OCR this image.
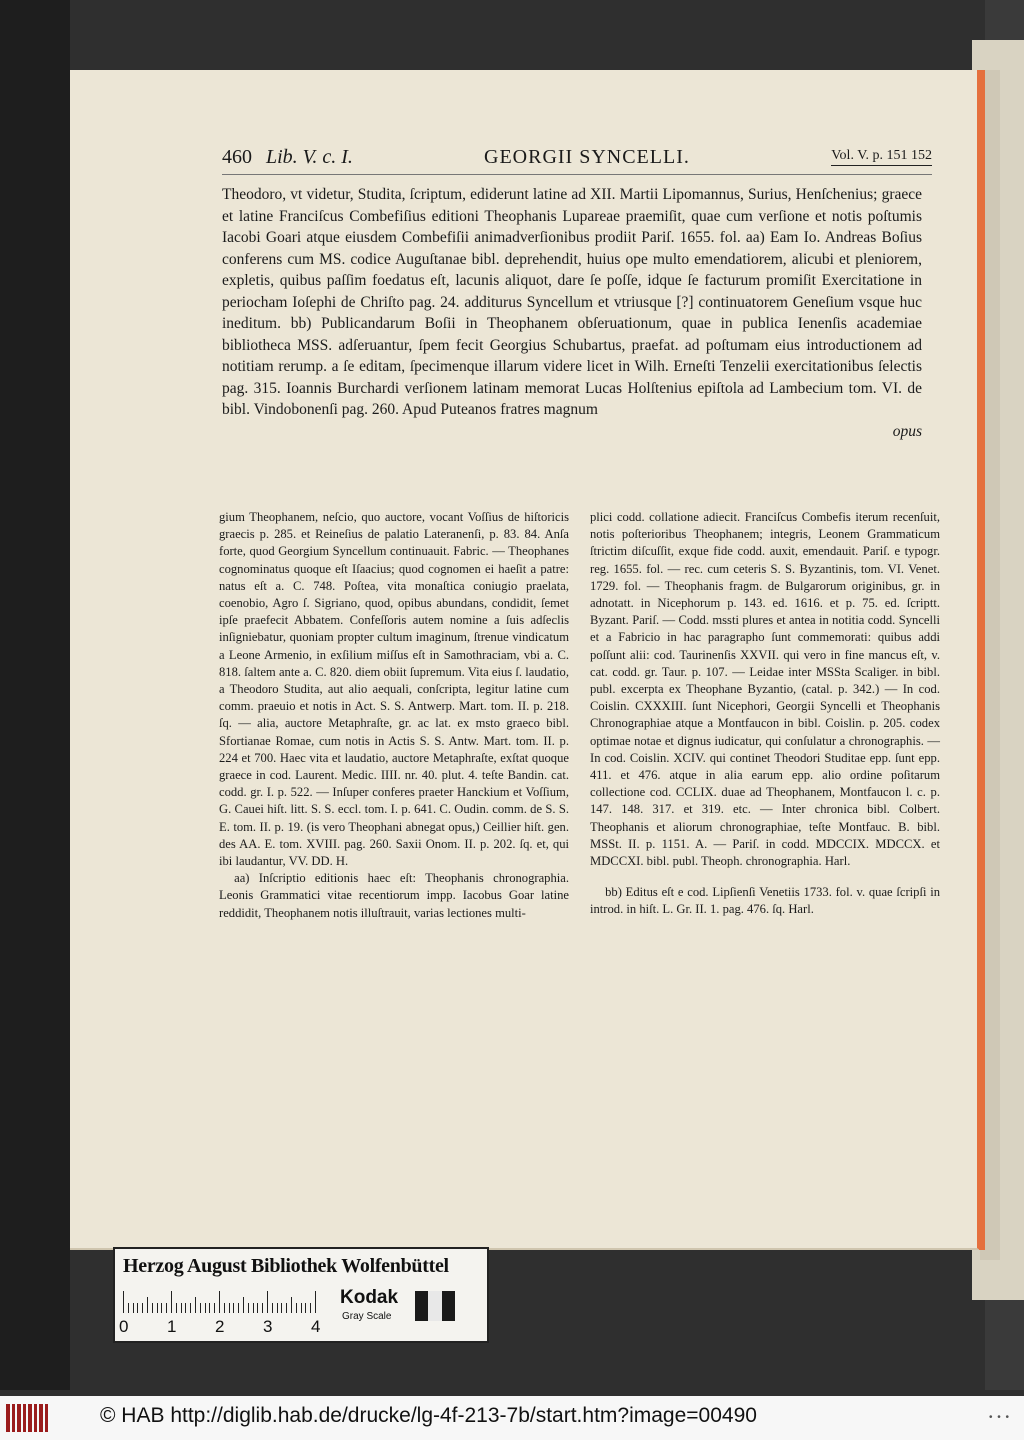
460 Lib. V. c. I.	GEORGII SYNCELLI.	Vol. V. p. 151 152
Theodoro, vt videtur, Studita, ſcriptum, ediderunt latine ad XII. Martii Lipomannus, Surius, Henſchenius; graece et latine Franciſcus Combefiſius editioni Theophanis Lupareae praemiſit, quae cum verſione et notis poſtumis Iacobi Goari atque eiusdem Combefiſii animadverſionibus prodiit Pariſ. 1655. fol. aa) Eam Io. Andreas Boſius conferens cum MS. codice Auguſtanae bibl. deprehendit, huius ope multo emendatiorem, alicubi et pleniorem, expletis, quibus paſſim foedatus eſt, lacunis aliquot, dare ſe poſſe, idque ſe facturum promiſit Exercitatione in periocham Ioſephi de Chriſto pag. 24. additurus Syncellum et vtriusque [?] continuatorem Geneſium vsque huc ineditum. bb) Publicandarum Boſii in Theophanem obſeruationum, quae in publica Ienenſis academiae bibliotheca MSS. adſeruantur, ſpem fecit Georgius Schubartus, praefat. ad poſtumam eius introductionem ad notitiam rerump. a ſe editam, ſpecimenque illarum videre licet in Wilh. Erneſti Tenzelii exercitationibus ſelectis pag. 315. Ioannis Burchardi verſionem latinam memorat Lucas Holſtenius epiſtola ad Lambecium tom. VI. de bibl. Vindobonenſi pag. 260. Apud Puteanos fratres magnum
opus

gium Theophanem, neſcio, quo auctore, vocant Voſſius de hiſtoricis graecis p. 285. et Reineſius de palatio Lateranenſi, p. 83. 84. Anſa forte, quod Georgium Syncellum continuauit. Fabric. — Theophanes cognominatus quoque eſt Iſaacius; quod cognomen ei haeſit a patre: natus eſt a. C. 748. Poſtea, vita monaſtica coniugio praelata, coenobio, Agro ſ. Sigriano, quod, opibus abundans, condidit, ſemet ipſe praefecit Abbatem. Confeſſoris autem nomine a ſuis adſeclis inſigniebatur, quoniam propter cultum imaginum, ſtrenue vindicatum a Leone Armenio, in exſilium miſſus eſt in Samothraciam, vbi a. C. 818. ſaltem ante a. C. 820. diem obiit ſupremum. Vita eius ſ. laudatio, a Theodoro Studita, aut alio aequali, conſcripta, legitur latine cum comm. praeuio et notis in Act. S. S. Antwerp. Mart. tom. II. p. 218. ſq. — alia, auctore Metaphraſte, gr. ac lat. ex msto graeco bibl. Sfortianae Romae, cum notis in Actis S. S. Antw. Mart. tom. II. p. 224 et 700. Haec vita et laudatio, auctore Metaphraſte, exſtat quoque graece in cod. Laurent. Medic. IIII. nr. 40. plut. 4. teſte Bandin. cat. codd. gr. I. p. 522. — Inſuper conferes praeter Hanckium et Voſſium, G. Cauei hiſt. litt. S. S. eccl. tom. I. p. 641. C. Oudin. comm. de S. S. E. tom. II. p. 19. (is vero Theophani abnegat opus,) Ceillier hiſt. gen. des AA. E. tom. XVIII. pag. 260. Saxii Onom. II. p. 202. ſq. et, qui ibi laudantur, VV. DD. H.

aa) Inſcriptio editionis haec eſt: Theophanis chronographia. Leonis Grammatici vitae recentiorum impp. Iacobus Goar latine reddidit, Theophanem notis illuſtrauit, varias lectiones multi-

plici codd. collatione adiecit. Franciſcus Combefis iterum recenſuit, notis poſterioribus Theophanem; integris, Leonem Grammaticum ſtrictim diſcuſſit, exque fide codd. auxit, emendauit. Pariſ. e typogr. reg. 1655. fol. — rec. cum ceteris S. S. Byzantinis, tom. VI. Venet. 1729. fol. — Theophanis fragm. de Bulgarorum originibus, gr. in adnotatt. in Nicephorum p. 143. ed. 1616. et p. 75. ed. ſcriptt. Byzant. Pariſ. — Codd. mssti plures et antea in notitia codd. Syncelli et a Fabricio in hac paragrapho ſunt commemorati: quibus addi poſſunt alii: cod. Taurinenſis XXVII. qui vero in fine mancus eſt, v. cat. codd. gr. Taur. p. 107. — Leidae inter MSSta Scaliger. in bibl. publ. excerpta ex Theophane Byzantio, (catal. p. 342.) — In cod. Coislin. CXXXIII. ſunt Nicephori, Georgii Syncelli et Theophanis Chronographiae atque a Montfaucon in bibl. Coislin. p. 205. codex optimae notae et dignus iudicatur, qui conſulatur a chronographis. — In cod. Coislin. XCIV. qui continet Theodori Studitae epp. ſunt epp. 411. et 476. atque in alia earum epp. alio ordine poſitarum collectione cod. CCLIX. duae ad Theophanem, Montfaucon l. c. p. 147. 148. 317. et 319. etc. — Inter chronica bibl. Colbert. Theophanis et aliorum chronographiae, teſte Montfauc. B. bibl. MSSt. II. p. 1151. A. — Pariſ. in codd. MDCCIX. MDCCX. et MDCCXI. bibl. publ. Theoph. chronographia. Harl.

bb) Editus eſt e cod. Lipſienſi Venetiis 1733. fol. v. quae ſcripſi in introd. in hiſt. L. Gr. II. 1. pag. 476. ſq. Harl.

Herzog August Bibliothek Wolfenbüttel
0 1 2 3 4
Kodak
Gray Scale
© HAB http://diglib.hab.de/drucke/lg-4f-213-7b/start.htm?image=00490	• • •
